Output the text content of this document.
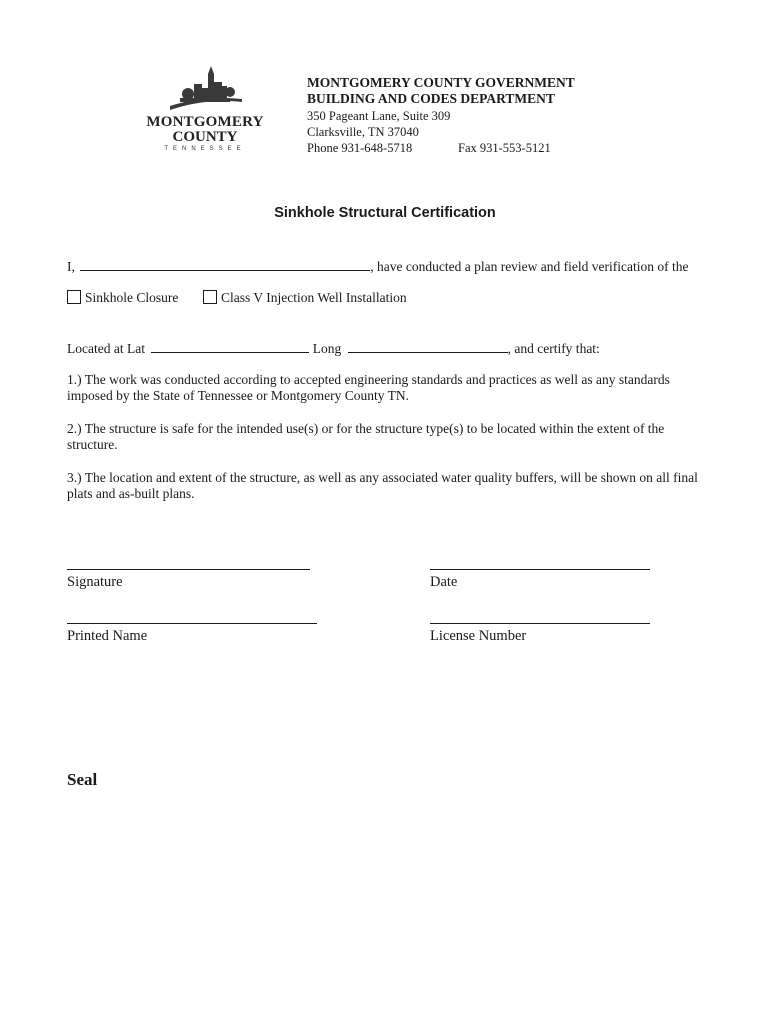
MONTGOMERY
COUNTY
TENNESSEE
MONTGOMERY COUNTY GOVERNMENT
BUILDING AND CODES DEPARTMENT
350 Pageant Lane, Suite 309
Clarksville, TN 37040
Phone 931-648-5718	Fax 931-553-5121
Sinkhole Structural Certification
I,	, have conducted a plan review and field verification of the
Sinkhole Closure	Class V Injection Well Installation
Located at Lat	Long	, and certify that:
1.) The work was conducted according to accepted engineering standards and practices as well as any standards imposed by the State of Tennessee or Montgomery County TN.
2.) The structure is safe for the intended use(s) or for the structure type(s) to be located within the extent of the structure.
3.) The location and extent of the structure, as well as any associated water quality buffers, will be shown on all final plats and as-built plans.
Signature	Date
Printed Name	License Number
Seal
